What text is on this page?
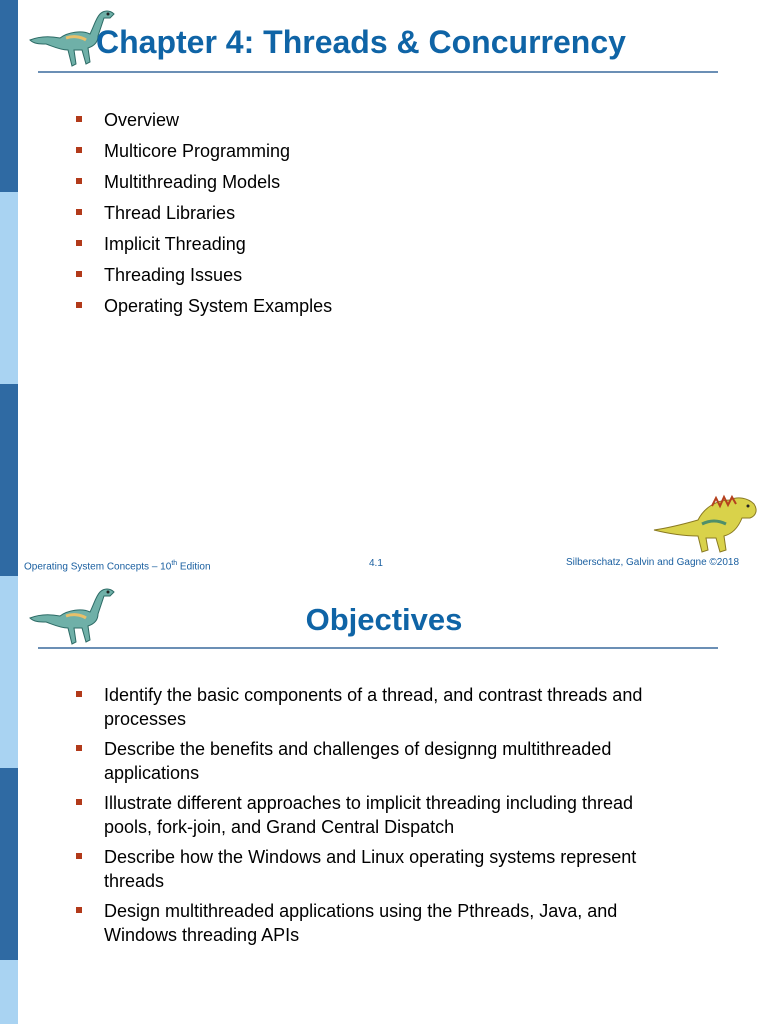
Chapter 4: Threads & Concurrency
Overview
Multicore Programming
Multithreading Models
Thread Libraries
Implicit Threading
Threading Issues
Operating System Examples
Operating System Concepts – 10th Edition	4.1	Silberschatz, Galvin and Gagne ©2018
Objectives
Identify the basic components of a thread, and contrast threads and processes
Describe the benefits and challenges of designng multithreaded applications
Illustrate different approaches to implicit threading including thread pools, fork-join, and Grand Central Dispatch
Describe how the Windows and Linux operating systems represent threads
Design multithreaded applications using the Pthreads, Java, and Windows threading APIs
